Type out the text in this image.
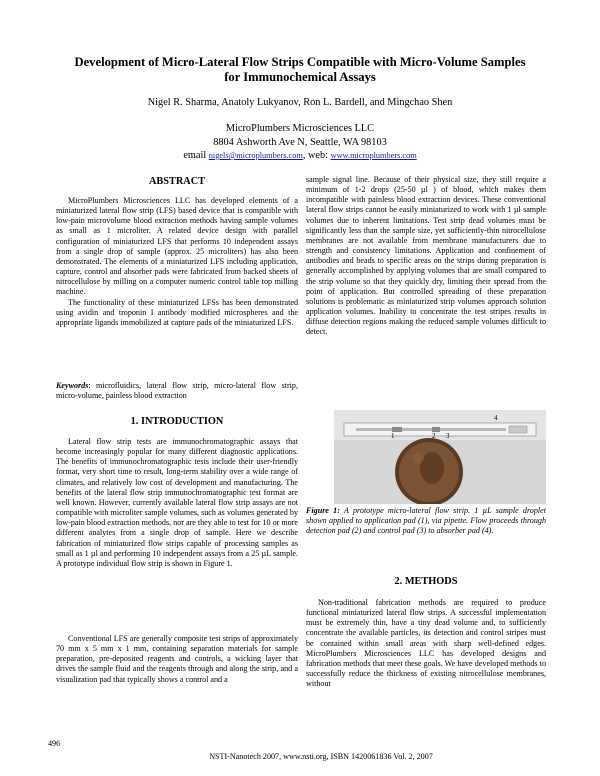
Development of Micro-Lateral Flow Strips Compatible with Micro-Volume Samples
for Immunochemical Assays
Nigel R. Sharma, Anatoly Lukyanov, Ron L. Bardell, and Mingchao Shen
MicroPlumbers Microsciences LLC
8804 Ashworth Ave N, Seattle, WA 98103
email nigels@microplumbers.com, web: www.microplumbers.com
ABSTRACT

MicroPlumbers Microsciences LLC has developed elements of a miniaturized lateral flow strip (LFS) based device that is compatible with low-pain microvolume blood extraction methods having sample volumes as small as 1 microliter. A related device design with parallel configuration of miniaturized LFS that performs 10 independent assays from a single drop of sample (approx. 25 microliters) has also been demonstrated. The elements of a miniaturized LFS including application, capture, control and absorber pads were fabricated from backed sheets of nitrocellulose by milling on a computer numeric control table top milling machine.

The functionality of these miniaturized LFSs has been demonstrated using avidin and troponin I antibody modified microspheres and the appropriate ligands immobilized at capture pads of the miniaturized LFS.

Keywords: microfluidics, lateral flow strip, micro-lateral flow strip, micro-volume, painless blood extraction
1. INTRODUCTION

Lateral flow strip tests are immunochromatographic assays that become increasingly popular for many different diagnostic applications. The benefits of immunochromatographic tests include their user-friendly format, very short time to result, long-term stability over a wide range of climates, and relatively low cost of development and manufacturing. The benefits of the lateral flow strip immunochromatographic test format are well known. However, currently available lateral flow strip assays are not compatible with microliter sample volumes, such as volumes generated by low-pain blood extraction methods, nor are they able to test for 10 or more different analytes from a single drop of sample. Here we describe fabrication of miniaturized flow strips capable of processing samples as small as 1 µl and performing 10 independent assays from a 25 µL sample. A prototype individual flow strip is shown in Figure 1.

Conventional LFS are generally composite test strips of approximately 70 mm x 5 mm x 1 mm, containing separation materials for sample preparation, pre-deposited reagents and controls, a wicking layer that drives the sample fluid and the reagents through and along the strip, and a visualization pad that typically shows a control and a

sample signal line. Because of their physical size, they still require a minimum of 1-2 drops (25-50 µl ) of blood, which makes them incompatible with painless blood extraction devices. These conventional lateral flow strips cannot be easily miniaturized to work with 1 µl sample volumes due to inherent limitations. Test strip dead volumes must be significantly less than the sample size, yet sufficiently-thin nitrocellulose membranes are not available from membrane manufacturers due to strength and consistency limitations. Application and confinement of antibodies and beads to specific areas on the strips during preparation is generally accomplished by applying volumes that are small compared to the strip volume so that they quickly dry, limiting their spread from the point of application. But controlled spreading of these preparation solutions is problematic as miniaturized strip volumes approach solution application volumes. Inability to concentrate the test stripes results in diffuse detection regions making the reduced sample volumes difficult to detect.

1	2 3
4
Figure 1: A prototype micro-lateral flow strip. 1 µL sample droplet shown applied to application pad (1), via pipette. Flow proceeds through detection pad (2) and control pad (3) to absorber pad (4).
2. METHODS

Non-traditional fabrication methods are required to produce functional miniaturized lateral flow strips. A successful implementation must be extremely thin, have a tiny dead volume and, to sufficiently concentrate the available particles, its detection and control stripes must be contained within small areas with sharp well-defined edges. MicroPlumbers Microsciences LLC has developed designs and fabrication methods that meet these goals. We have developed methods to successfully reduce the thickness of existing nitrocellulose membranes, without

496
NSTI-Nanotech 2007, www.nsti.org, ISBN 1420061836 Vol. 2, 2007
